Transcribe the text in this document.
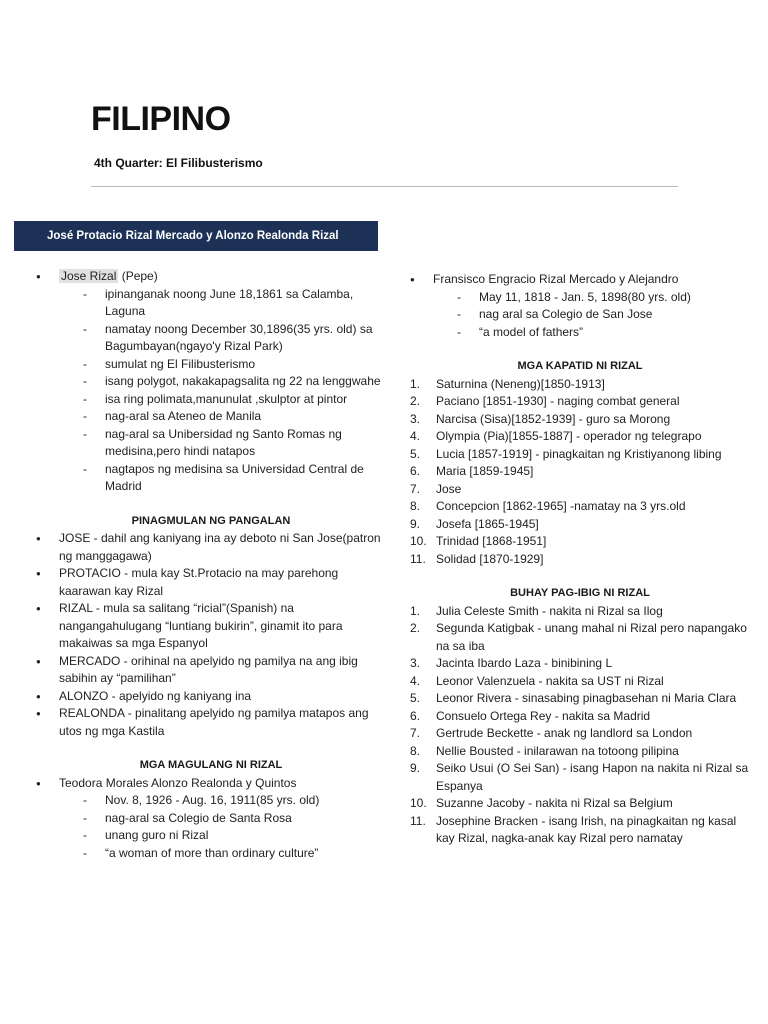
FILIPINO
4th Quarter: El Filibusterismo
José Protacio Rizal Mercado y Alonzo Realonda Rizal
● Jose Rizal (Pepe)
- ipinanganak noong June 18,1861 sa Calamba, Laguna
- namatay noong December 30,1896(35 yrs. old) sa Bagumbayan(ngayo'y Rizal Park)
- sumulat ng El Filibusterismo
- isang polygot, nakakapagsalita ng 22 na lenggwahe
- isa ring polimata,manunulat ,skulptor at pintor
- nag-aral sa Ateneo de Manila
- nag-aral sa Unibersidad ng Santo Romas ng medisina,pero hindi natapos
- nagtapos ng medisina sa Universidad Central de Madrid
PINAGMULAN NG PANGALAN
● JOSE - dahil ang kaniyang ina ay deboto ni San Jose(patron ng manggagawa)
● PROTACIO - mula kay St.Protacio na may parehong kaarawan kay Rizal
● RIZAL - mula sa salitang “ricial”(Spanish) na nangangahulugang “luntiang bukirin”, ginamit ito para makaiwas sa mga Espanyol
● MERCADO - orihinal na apelyido ng pamilya na ang ibig sabihin ay “pamilihan”
● ALONZO - apelyido ng kaniyang ina
● REALONDA - pinalitang apelyido ng pamilya matapos ang utos ng mga Kastila
MGA MAGULANG NI RIZAL
● Teodora Morales Alonzo Realonda y Quintos
- Nov. 8, 1926 - Aug. 16, 1911(85 yrs. old)
- nag-aral sa Colegio de Santa Rosa
- unang guro ni Rizal
- “a woman of more than ordinary culture”
● Fransisco Engracio Rizal Mercado y Alejandro
- May 11, 1818 - Jan. 5, 1898(80 yrs. old)
- nag aral sa Colegio de San Jose
- “a model of fathers”
MGA KAPATID NI RIZAL
1. Saturnina (Neneng)[1850-1913]
2. Paciano [1851-1930] - naging combat general
3. Narcisa (Sisa)[1852-1939] - guro sa Morong
4. Olympia (Pia)[1855-1887] - operador ng telegrapo
5. Lucia [1857-1919] - pinagkaitan ng Kristiyanong libing
6. Maria [1859-1945]
7. Jose
8. Concepcion [1862-1965] -namatay na 3 yrs.old
9. Josefa [1865-1945]
10. Trinidad [1868-1951]
11. Solidad [1870-1929]
BUHAY PAG-IBIG NI RIZAL
1. Julia Celeste Smith - nakita ni Rizal sa Ilog
2. Segunda Katigbak - unang mahal ni Rizal pero napangako na sa iba
3. Jacinta Ibardo Laza - binibining L
4. Leonor Valenzuela - nakita sa UST ni Rizal
5. Leonor Rivera - sinasabing pinagbasehan ni Maria Clara
6. Consuelo Ortega Rey - nakita sa Madrid
7. Gertrude Beckette - anak ng landlord sa London
8. Nellie Bousted - inilarawan na totoong pilipina
9. Seiko Usui (O Sei San) - isang Hapon na nakita ni Rizal sa Espanya
10. Suzanne Jacoby - nakita ni Rizal sa Belgium
11. Josephine Bracken - isang Irish, na pinagkaitan ng kasal kay Rizal, nagka-anak kay Rizal pero namatay
